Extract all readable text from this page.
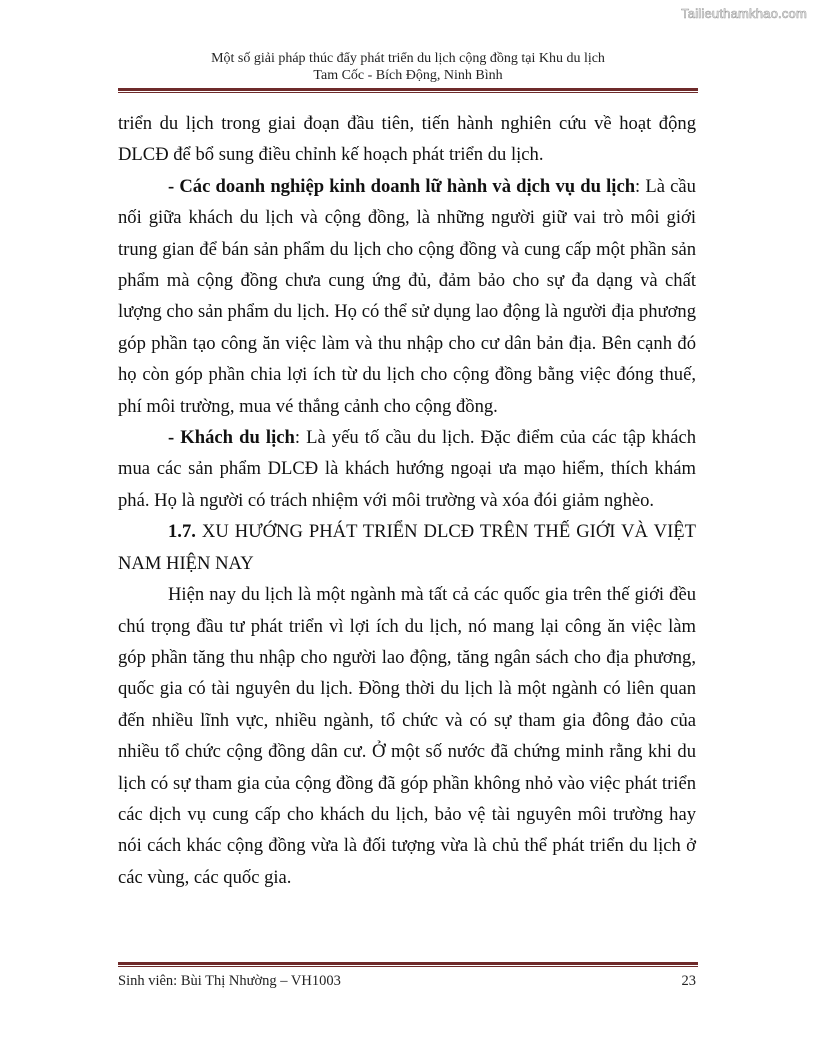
Tailieuthamkhao.com
Một số giải pháp thúc đẩy phát triển du lịch cộng đồng tại Khu du lịch
Tam Cốc - Bích Động, Ninh Bình

triển du lịch trong giai đoạn đầu tiên, tiến hành nghiên cứu về hoạt động DLCĐ để bổ sung điều chỉnh kế hoạch phát triển du lịch.

- Các doanh nghiệp kinh doanh lữ hành và dịch vụ du lịch: Là cầu nối giữa khách du lịch và cộng đồng, là những người giữ vai trò môi giới trung gian để bán sản phẩm du lịch cho cộng đồng và cung cấp một phần sản phẩm mà cộng đồng chưa cung ứng đủ, đảm bảo cho sự đa dạng và chất lượng cho sản phẩm du lịch. Họ có thể sử dụng lao động là người địa phương góp phần tạo công ăn việc làm và thu nhập cho cư dân bản địa. Bên cạnh đó họ còn góp phần chia lợi ích từ du lịch cho cộng đồng bằng việc đóng thuế, phí môi trường, mua vé thắng cảnh cho cộng đồng.

- Khách du lịch: Là yếu tố cầu du lịch. Đặc điểm của các tập khách mua các sản phẩm DLCĐ là khách hướng ngoại ưa mạo hiểm, thích khám phá. Họ là người có trách nhiệm với môi trường và xóa đói giảm nghèo.

1.7. XU HƯỚNG PHÁT TRIỂN DLCĐ TRÊN THẾ GIỚI VÀ VIỆT NAM HIỆN NAY

Hiện nay du lịch là một ngành mà tất cả các quốc gia trên thế giới đều chú trọng đầu tư phát triển vì lợi ích du lịch, nó mang lại công ăn việc làm góp phần tăng thu nhập cho người lao động, tăng ngân sách cho địa phương, quốc gia có tài nguyên du lịch. Đồng thời du lịch là một ngành có liên quan đến nhiều lĩnh vực, nhiều ngành, tổ chức và có sự tham gia đông đảo của nhiều tổ chức cộng đồng dân cư. Ở một số nước đã chứng minh rằng khi du lịch có sự tham gia của cộng đồng đã góp phần không nhỏ vào việc phát triển các dịch vụ cung cấp cho khách du lịch, bảo vệ tài nguyên môi trường hay nói cách khác cộng đồng vừa là đối tượng vừa là chủ thể phát triển du lịch ở các vùng, các quốc gia.

Sinh viên: Bùi Thị Nhường – VH1003	23
